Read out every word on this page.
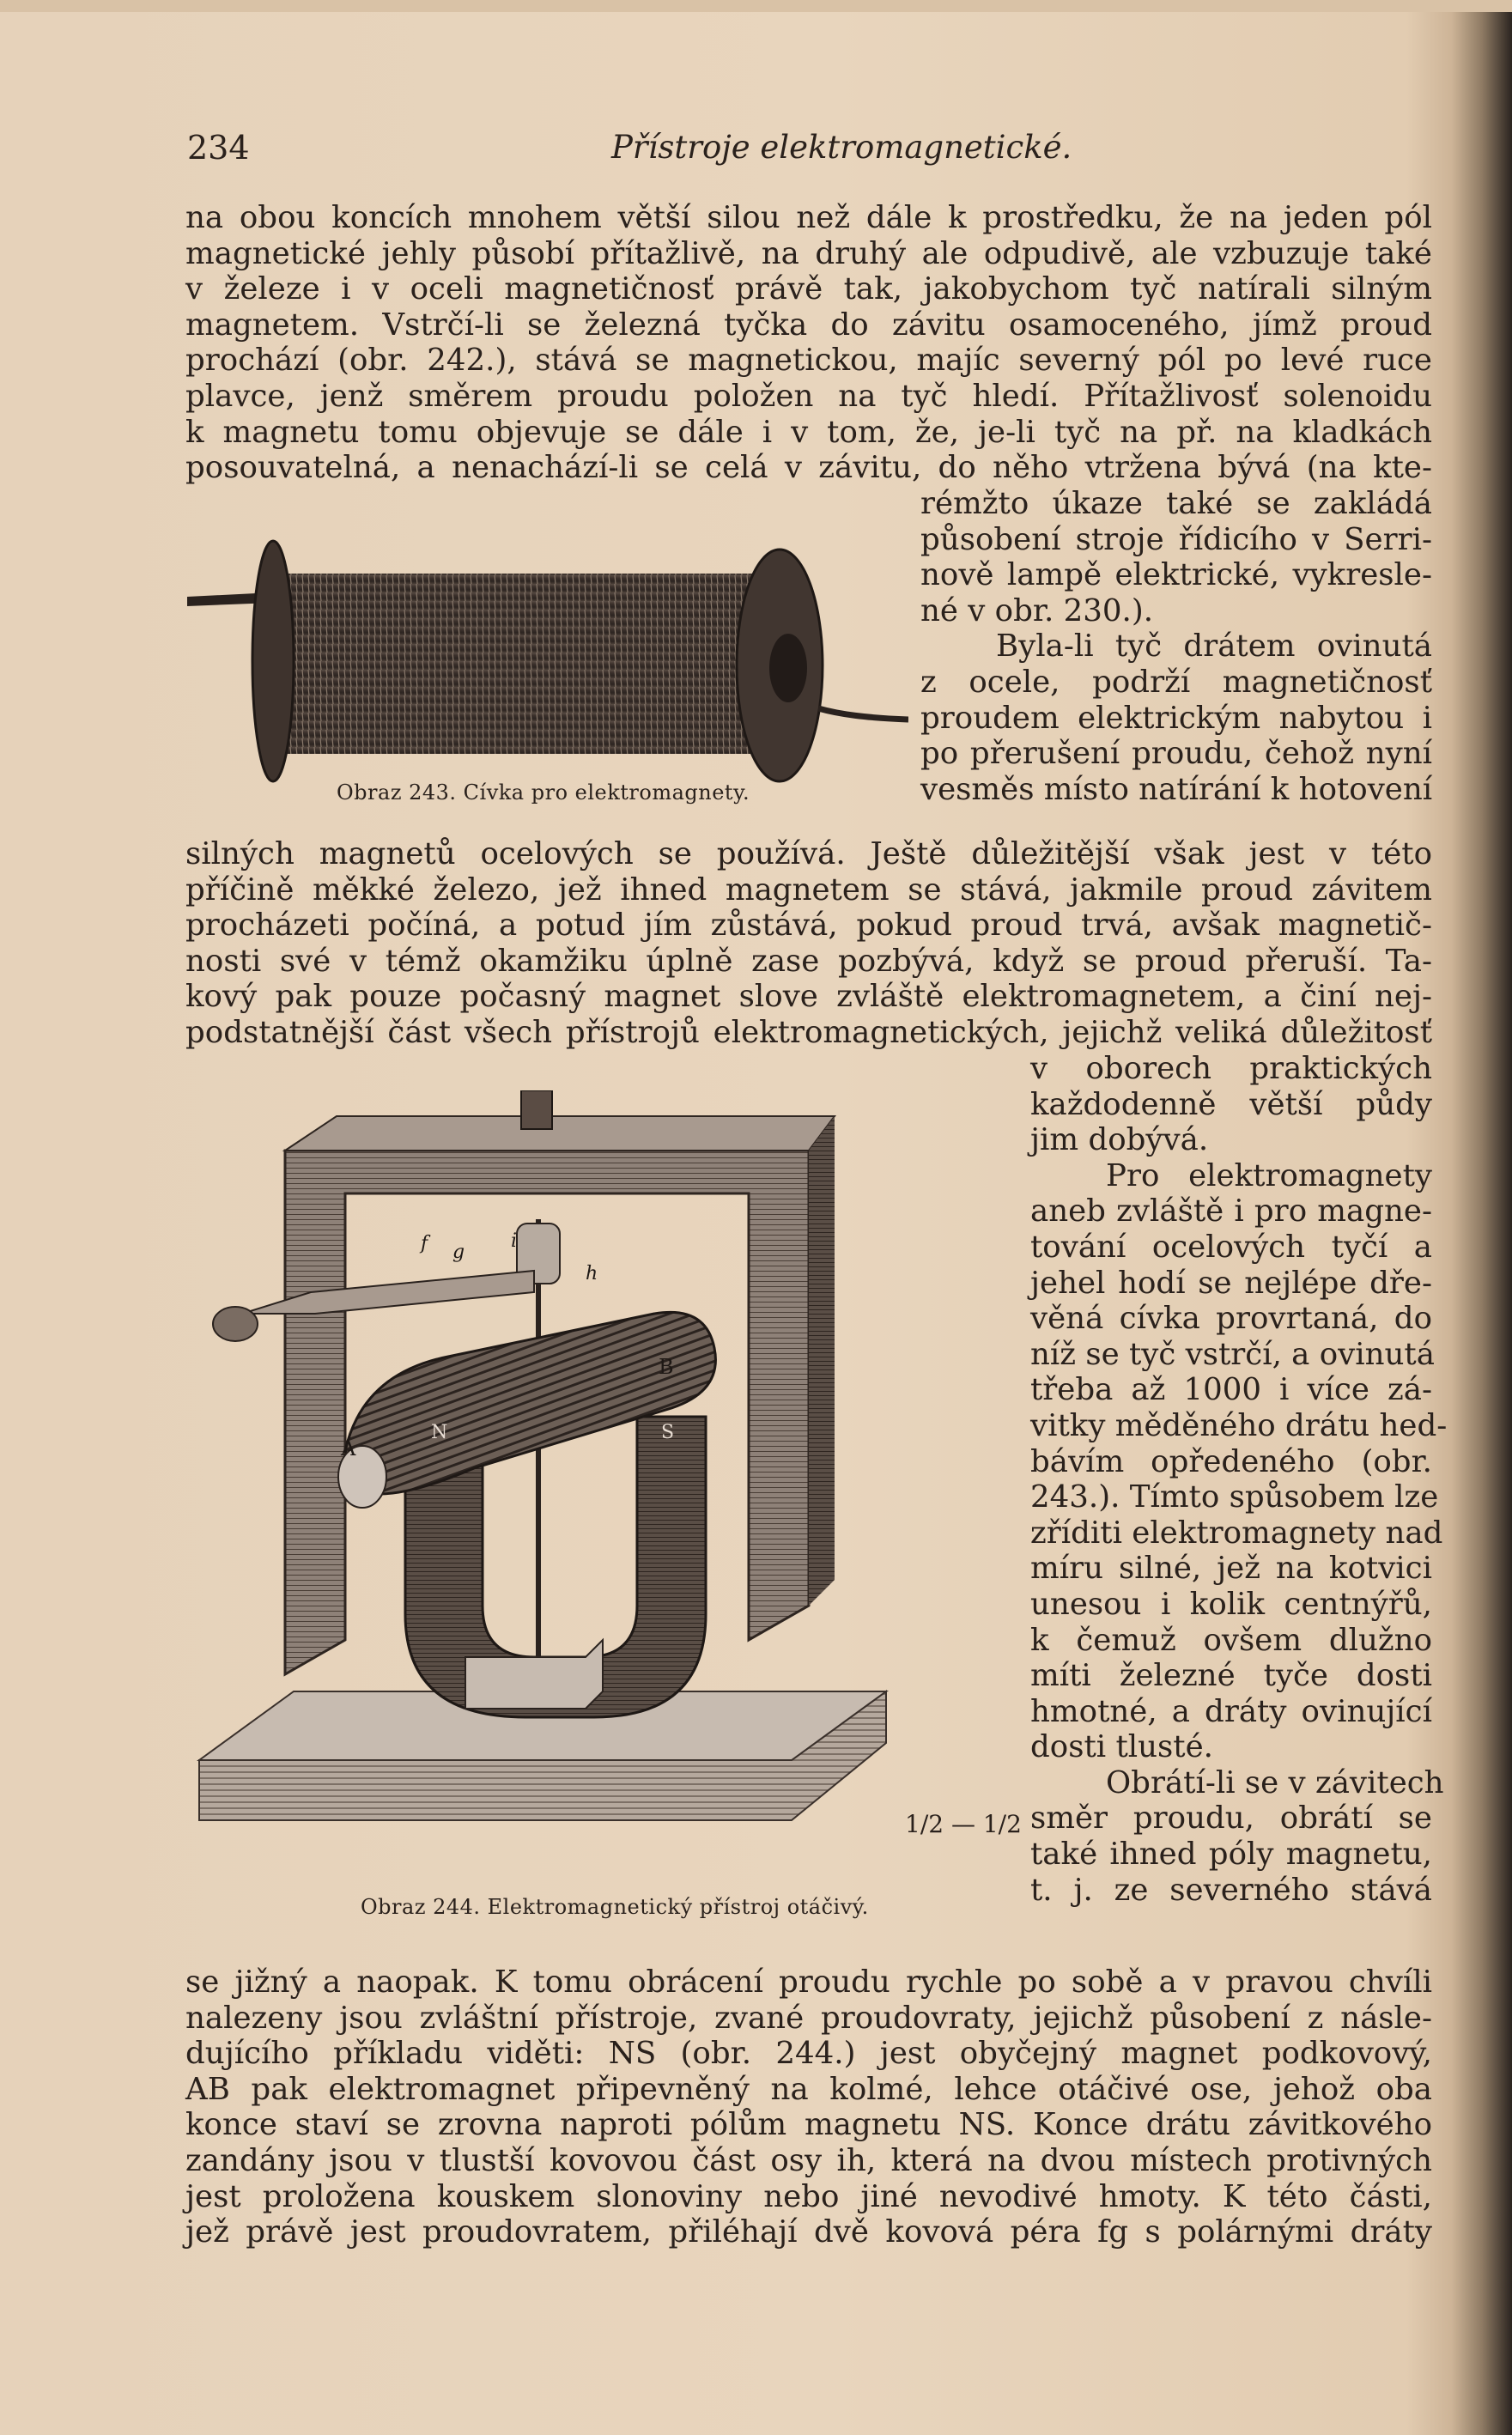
234	Přístroje elektromagnetické.
na obou koncích mnohem větší silou než dále k prostředku, že na jeden pól
magnetické jehly působí přítažlivě, na druhý ale odpudivě, ale vzbuzuje také
v železe i v oceli magnetičnosť právě tak, jakobychom tyč natírali silným
magnetem. Vstrčí-li se železná tyčka do závitu osamoceného, jímž proud
prochází (obr. 242.), stává se magnetickou, majíc severný pól po levé ruce
plavce, jenž směrem proudu položen na tyč hledí. Přítažlivosť solenoidu
k magnetu tomu objevuje se dále i v tom, že, je-li tyč na př. na kladkách
posouvatelná, a nenachází-li se celá v závitu, do něho vtržena bývá (na kte-
rémžto úkaze také se zakládá
působení stroje řídicího v Serri-
nově lampě elektrické, vykresle-
né v obr. 230.).
Byla-li tyč drátem ovinutá
z ocele, podrží magnetičnosť
proudem elektrickým nabytou i
po přerušení proudu, čehož nyní
vesměs místo natírání k hotovení
Obraz 243. Cívka pro elektromagnety.
silných magnetů ocelových se používá. Ještě důležitější však jest v této
příčině měkké železo, jež ihned magnetem se stává, jakmile proud závitem
procházeti počíná, a potud jím zůstává, pokud proud trvá, avšak magnetič-
nosti své v témž okamžiku úplně zase pozbývá, když se proud přeruší. Ta-
kový pak pouze počasný magnet slove zvláště elektromagnetem, a činí nej-
podstatnější část všech přístrojů elektromagnetických, jejichž veliká důležitosť
v oborech praktických
každodenně větší půdy
jim dobývá.
Pro elektromagnety
aneb zvláště i pro magne-
tování ocelových tyčí a
jehel hodí se nejlépe dře-
věná cívka provrtaná, do
níž se tyč vstrčí, a ovinutá
třeba až 1000 i více zá-
vitky měděného drátu hed-
bávím opředeného (obr.
243.). Tímto spůsobem lze
zříditi elektromagnety nad
míru silné, jež na kotvici
unesou i kolik centnýřů,
k čemuž ovšem dlužno
míti železné tyče dosti
hmotné, a dráty ovinující
dosti tlusté.
Obrátí-li se v závitech
směr proudu, obrátí se
také ihned póly magnetu,
t. j. ze severného stává
A
B
N	S
f g
i
h
1/2 — 1/2
Obraz 244. Elektromagnetický přístroj otáčivý.
se jižný a naopak. K tomu obrácení proudu rychle po sobě a v pravou chvíli
nalezeny jsou zvláštní přístroje, zvané proudovraty, jejichž působení z násle-
dujícího příkladu viděti: NS (obr. 244.) jest obyčejný magnet podkovový,
AB pak elektromagnet připevněný na kolmé, lehce otáčivé ose, jehož oba
konce staví se zrovna naproti pólům magnetu NS. Konce drátu závitkového
zandány jsou v tlustší kovovou část osy ih, která na dvou místech protivných
jest proložena kouskem slonoviny nebo jiné nevodivé hmoty. K této části,
jež právě jest proudovratem, přiléhají dvě kovová péra fg s polárnými dráty
